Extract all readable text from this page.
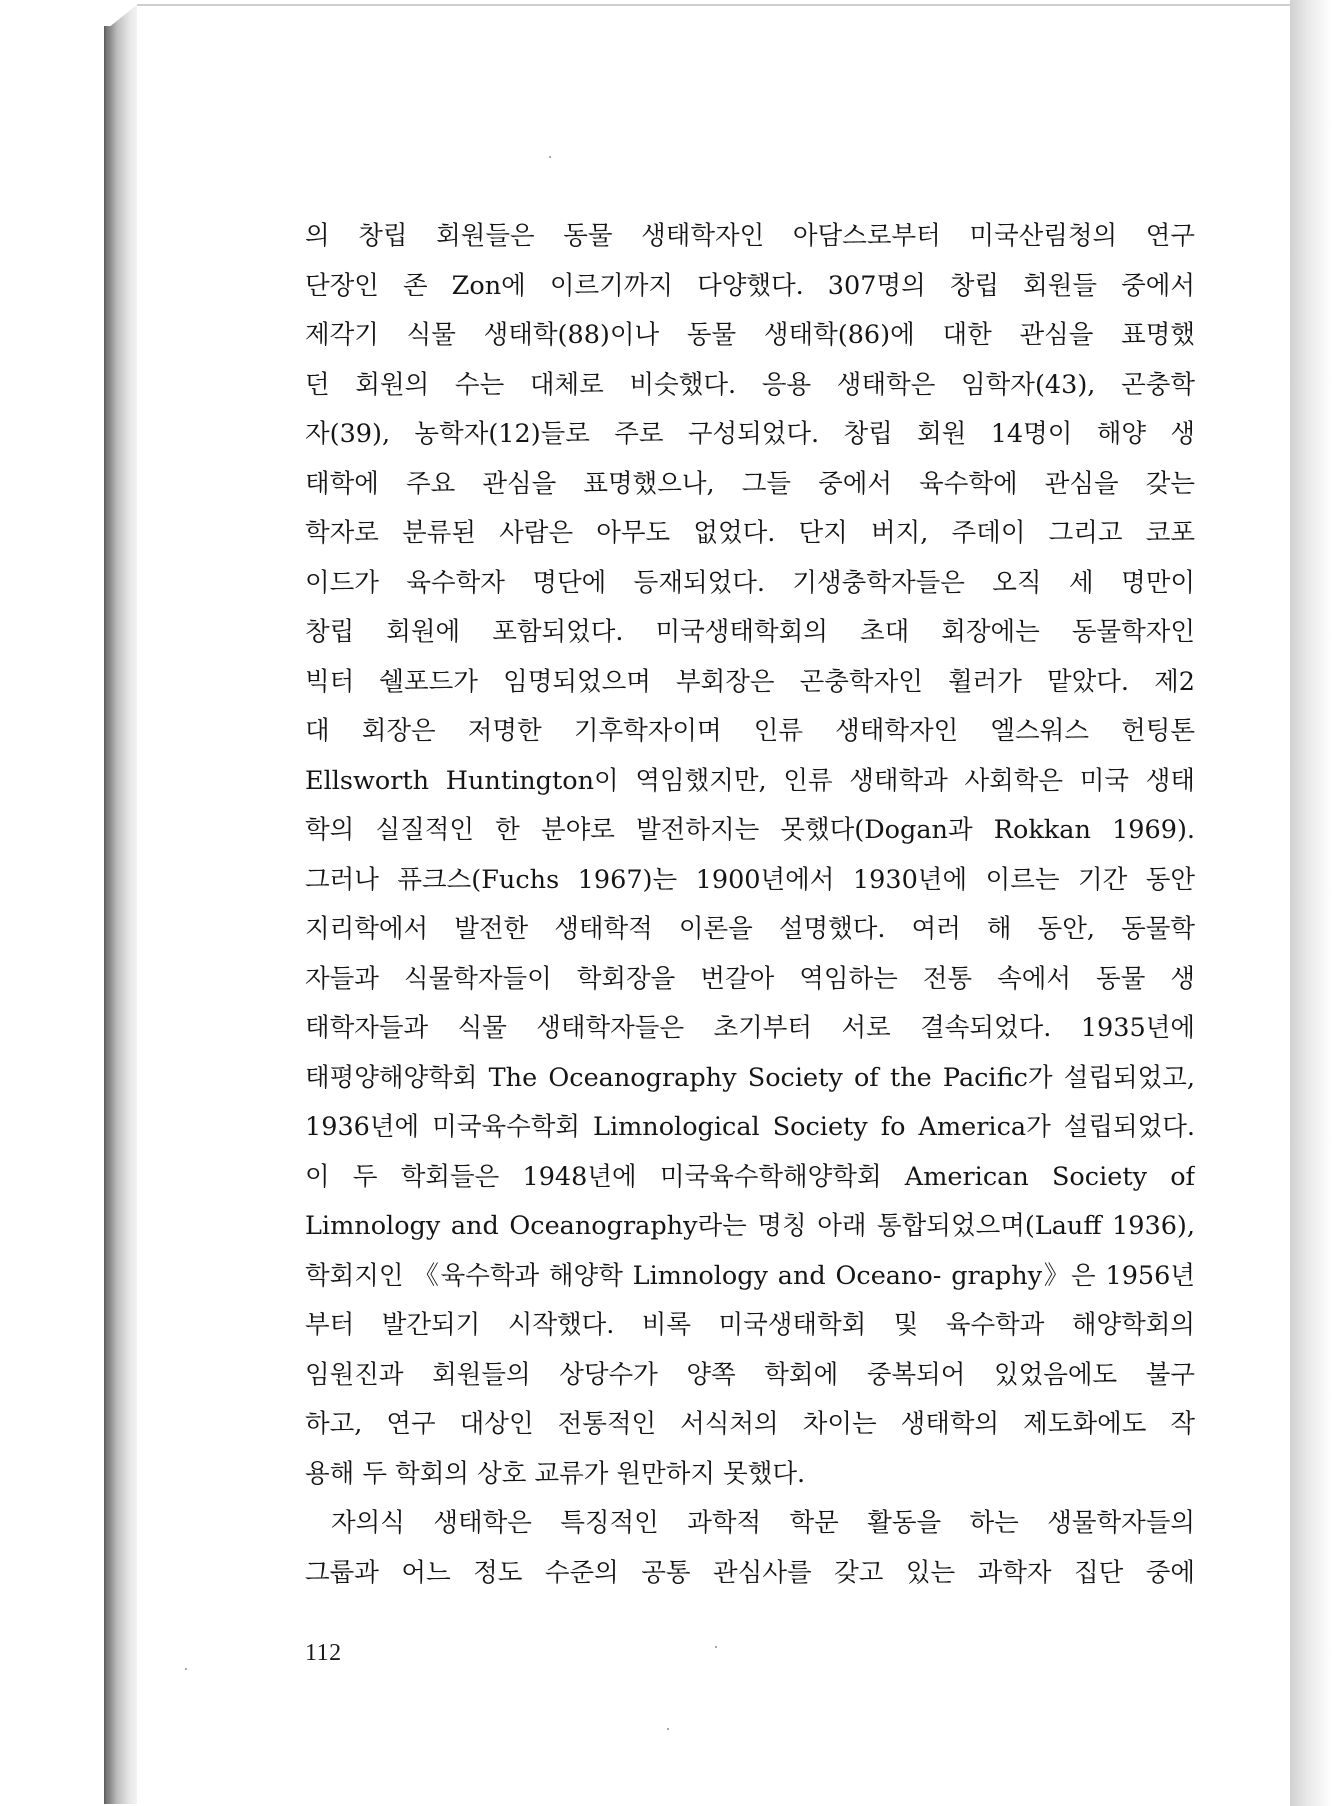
의 창립 회원들은 동물 생태학자인 아담스로부터 미국산림청의 연구
단장인 존 Zon에 이르기까지 다양했다. 307명의 창립 회원들 중에서
제각기 식물 생태학(88)이나 동물 생태학(86)에 대한 관심을 표명했
던 회원의 수는 대체로 비슷했다. 응용 생태학은 임학자(43), 곤충학
자(39), 농학자(12)들로 주로 구성되었다. 창립 회원 14명이 해양 생
태학에 주요 관심을 표명했으나, 그들 중에서 육수학에 관심을 갖는
학자로 분류된 사람은 아무도 없었다. 단지 버지, 주데이 그리고 코포
이드가 육수학자 명단에 등재되었다. 기생충학자들은 오직 세 명만이
창립 회원에 포함되었다. 미국생태학회의 초대 회장에는 동물학자인
빅터 쉘포드가 임명되었으며 부회장은 곤충학자인 휠러가 맡았다. 제2
대 회장은 저명한 기후학자이며 인류 생태학자인 엘스워스 헌팅톤
Ellsworth Huntington이 역임했지만, 인류 생태학과 사회학은 미국 생태
학의 실질적인 한 분야로 발전하지는 못했다(Dogan과 Rokkan 1969).
그러나 퓨크스(Fuchs 1967)는 1900년에서 1930년에 이르는 기간 동안
지리학에서 발전한 생태학적 이론을 설명했다. 여러 해 동안, 동물학
자들과 식물학자들이 학회장을 번갈아 역임하는 전통 속에서 동물 생
태학자들과 식물 생태학자들은 초기부터 서로 결속되었다. 1935년에
태평양해양학회 The Oceanography Society of the Pacific가 설립되었고,
1936년에 미국육수학회 Limnological Society fo America가 설립되었다.
이 두 학회들은 1948년에 미국육수학해양학회 American Society of
Limnology and Oceanography라는 명칭 아래 통합되었으며(Lauff 1936),
학회지인 《육수학과 해양학 Limnology and Oceano- graphy》은 1956년
부터 발간되기 시작했다. 비록 미국생태학회 및 육수학과 해양학회의
임원진과 회원들의 상당수가 양쪽 학회에 중복되어 있었음에도 불구
하고, 연구 대상인 전통적인 서식처의 차이는 생태학의 제도화에도 작
용해 두 학회의 상호 교류가 원만하지 못했다.
자의식 생태학은 특징적인 과학적 학문 활동을 하는 생물학자들의
그룹과 어느 정도 수준의 공통 관심사를 갖고 있는 과학자 집단 중에
112
